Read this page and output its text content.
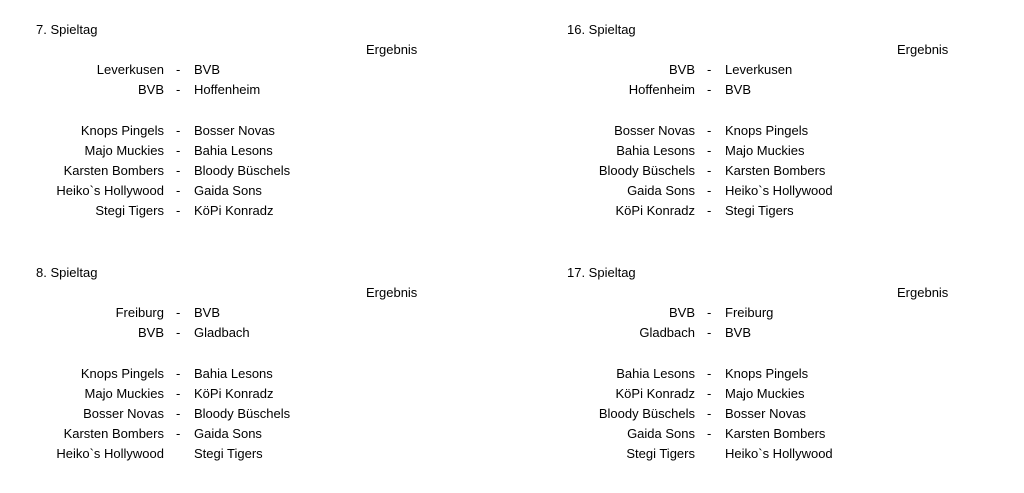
7. Spieltag
Ergebnis
Leverkusen - BVB
BVB - Hoffenheim
Knops Pingels - Bosser Novas
Majo Muckies - Bahia Lesons
Karsten Bombers - Bloody Büschels
Heiko`s Hollywood - Gaida Sons
Stegi Tigers - KöPi Konradz
16. Spieltag
Ergebnis
BVB - Leverkusen
Hoffenheim - BVB
Bosser Novas - Knops Pingels
Bahia Lesons - Majo Muckies
Bloody Büschels - Karsten Bombers
Gaida Sons - Heiko`s Hollywood
KöPi Konradz - Stegi Tigers
8. Spieltag
Ergebnis
Freiburg - BVB
BVB - Gladbach
Knops Pingels - Bahia Lesons
Majo Muckies - KöPi Konradz
Bosser Novas - Bloody Büschels
Karsten Bombers - Gaida Sons
Heiko`s Hollywood Stegi Tigers
17. Spieltag
Ergebnis
BVB - Freiburg
Gladbach - BVB
Bahia Lesons - Knops Pingels
KöPi Konradz - Majo Muckies
Bloody Büschels - Bosser Novas
Gaida Sons - Karsten Bombers
Stegi Tigers Heiko`s Hollywood
